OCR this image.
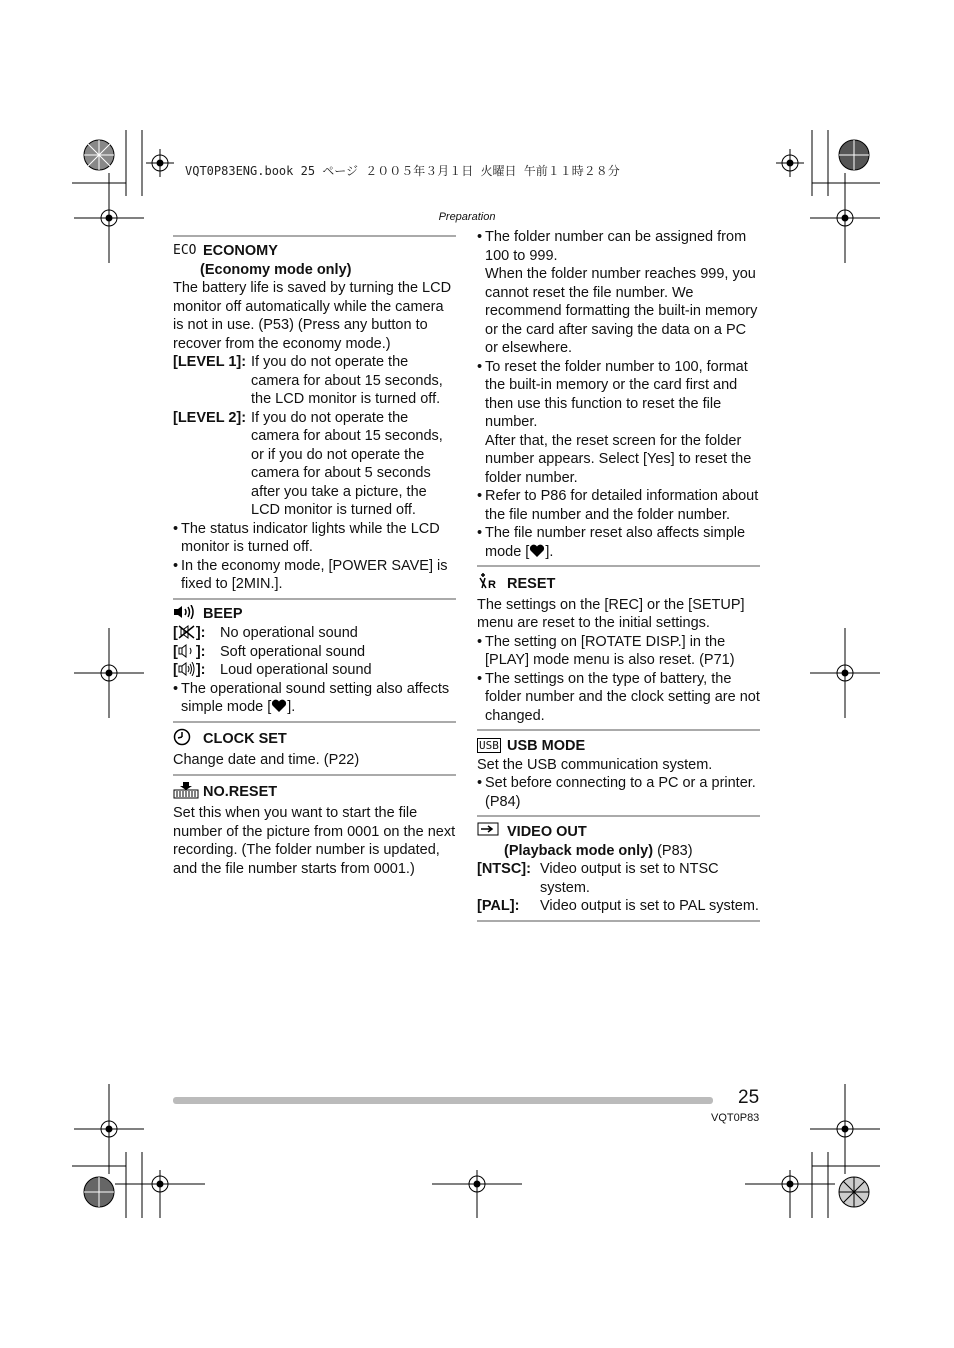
VQT0P83ENG.book 25 ページ ２００５年３月１日 火曜日 午前１１時２８分
Preparation
ECO ECONOMY
(Economy mode only)
The battery life is saved by turning the LCD monitor off automatically while the camera is not in use. (P53) (Press any button to recover from the economy mode.)
[LEVEL 1]: If you do not operate the camera for about 15 seconds, the LCD monitor is turned off.
[LEVEL 2]: If you do not operate the camera for about 15 seconds, or if you do not operate the camera for about 5 seconds after you take a picture, the LCD monitor is turned off.
• The status indicator lights while the LCD monitor is turned off.
• In the economy mode, [POWER SAVE] is fixed to [2MIN.].
BEEP
[ ]: No operational sound
[ ]: Soft operational sound
[ ]: Loud operational sound
• The operational sound setting also affects simple mode [ ].
CLOCK SET
Change date and time. (P22)
NO.RESET
Set this when you want to start the file number of the picture from 0001 on the next recording. (The folder number is updated, and the file number starts from 0001.)
• The folder number can be assigned from 100 to 999.
When the folder number reaches 999, you cannot reset the file number. We recommend formatting the built-in memory or the card after saving the data on a PC or elsewhere.
• To reset the folder number to 100, format the built-in memory or the card first and then use this function to reset the file number.
After that, the reset screen for the folder number appears. Select [Yes] to reset the folder number.
• Refer to P86 for detailed information about the file number and the folder number.
• The file number reset also affects simple mode [ ].
R RESET
The settings on the [REC] or the [SETUP] menu are reset to the initial settings.
• The setting on [ROTATE DISP.] in the [PLAY] mode menu is also reset. (P71)
• The settings on the type of battery, the folder number and the clock setting are not changed.
USB USB MODE
Set the USB communication system.
• Set before connecting to a PC or a printer. (P84)
VIDEO OUT
(Playback mode only) (P83)
[NTSC]: Video output is set to NTSC system.
[PAL]:	Video output is set to PAL system.
25
VQT0P83
